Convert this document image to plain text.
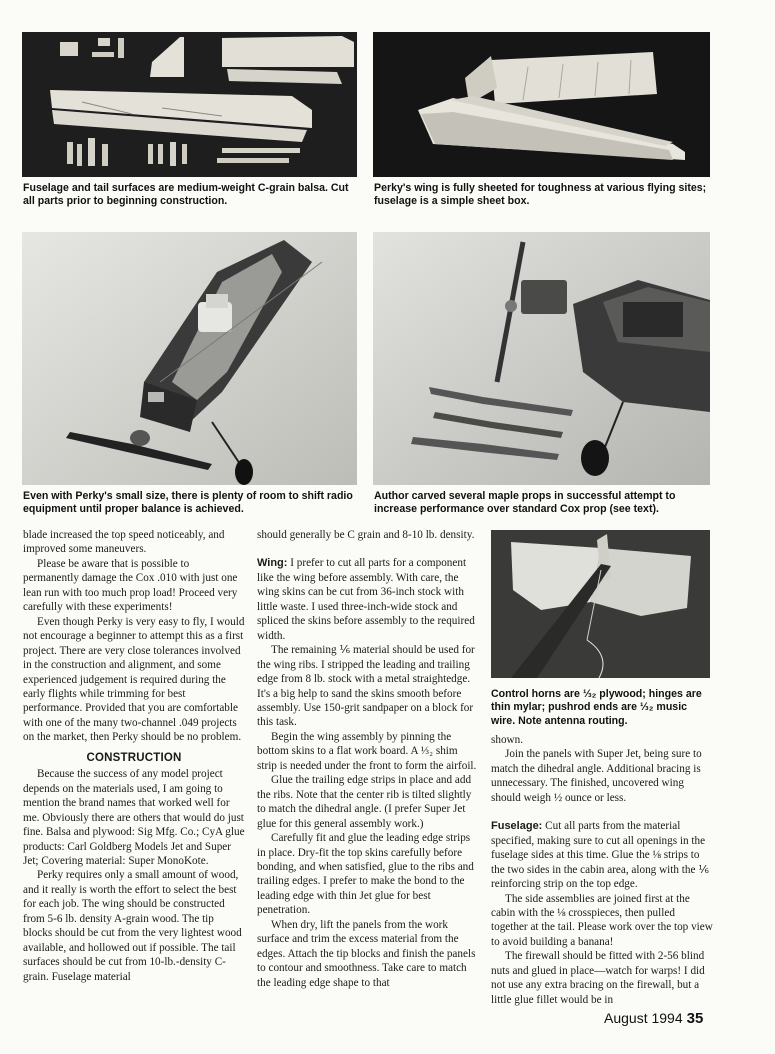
Fuselage and tail surfaces are medium-weight C-grain balsa. Cut all parts prior to beginning construction.
Perky's wing is fully sheeted for toughness at various flying sites; fuselage is a simple sheet box.
Even with Perky's small size, there is plenty of room to shift radio equipment until proper balance is achieved.
Author carved several maple props in successful attempt to increase performance over standard Cox prop (see text).
Control horns are ⅓₂ plywood; hinges are thin mylar; pushrod ends are ⅓₂ music wire. Note antenna routing.

blade increased the top speed noticeably, and improved some maneuvers.

Please be aware that is possible to permanently damage the Cox .010 with just one lean run with too much prop load! Proceed very carefully with these experiments!

Even though Perky is very easy to fly, I would not encourage a beginner to attempt this as a first project. There are very close tolerances involved in the construction and alignment, and some experienced judgement is required during the early flights while trimming for best performance. Provided that you are comfortable with one of the many two-channel .049 projects on the market, then Perky should be no problem.

CONSTRUCTION

Because the success of any model project depends on the materials used, I am going to mention the brand names that worked well for me. Obviously there are others that would do just fine. Balsa and plywood: Sig Mfg. Co.; CyA glue products: Carl Goldberg Models Jet and Super Jet; Covering material: Super MonoKote.

Perky requires only a small amount of wood, and it really is worth the effort to select the best for each job. The wing should be constructed from 5-6 lb. density A-grain wood. The tip blocks should be cut from the very lightest wood available, and hollowed out if possible. The tail surfaces should be cut from 10-lb.-density C-grain. Fuselage material

should generally be C grain and 8-10 lb. density.

Wing: I prefer to cut all parts for a component like the wing before assembly. With care, the wing skins can be cut from 36-inch stock with little waste. I used three-inch-wide stock and spliced the skins before assembly to the required width.

The remaining ⅙ material should be used for the wing ribs. I stripped the leading and trailing edge from 8 lb. stock with a metal straightedge. It's a big help to sand the skins smooth before assembly. Use 150-grit sandpaper on a block for this task.

Begin the wing assembly by pinning the bottom skins to a flat work board. A ⅓₂ shim strip is needed under the front to form the airfoil.

Glue the trailing edge strips in place and add the ribs. Note that the center rib is tilted slightly to match the dihedral angle. (I prefer Super Jet glue for this general assembly work.)

Carefully fit and glue the leading edge strips in place. Dry-fit the top skins carefully before bonding, and when satisfied, glue to the ribs and trailing edges. I prefer to make the bond to the leading edge with thin Jet glue for best penetration.

When dry, lift the panels from the work surface and trim the excess material from the edges. Attach the tip blocks and finish the panels to contour and smoothness. Take care to match the leading edge shape to that

shown.

Join the panels with Super Jet, being sure to match the dihedral angle. Additional bracing is unnecessary. The finished, uncovered wing should weigh ½ ounce or less.

Fuselage: Cut all parts from the material specified, making sure to cut all openings in the fuselage sides at this time. Glue the ⅛ strips to the two sides in the cabin area, along with the ⅙ reinforcing strip on the top edge.

The side assemblies are joined first at the cabin with the ⅛ crosspieces, then pulled together at the tail. Please work over the top view to avoid building a banana!

The firewall should be fitted with 2-56 blind nuts and glued in place—watch for warps! I did not use any extra bracing on the firewall, but a little glue fillet would be in

August 1994 35
